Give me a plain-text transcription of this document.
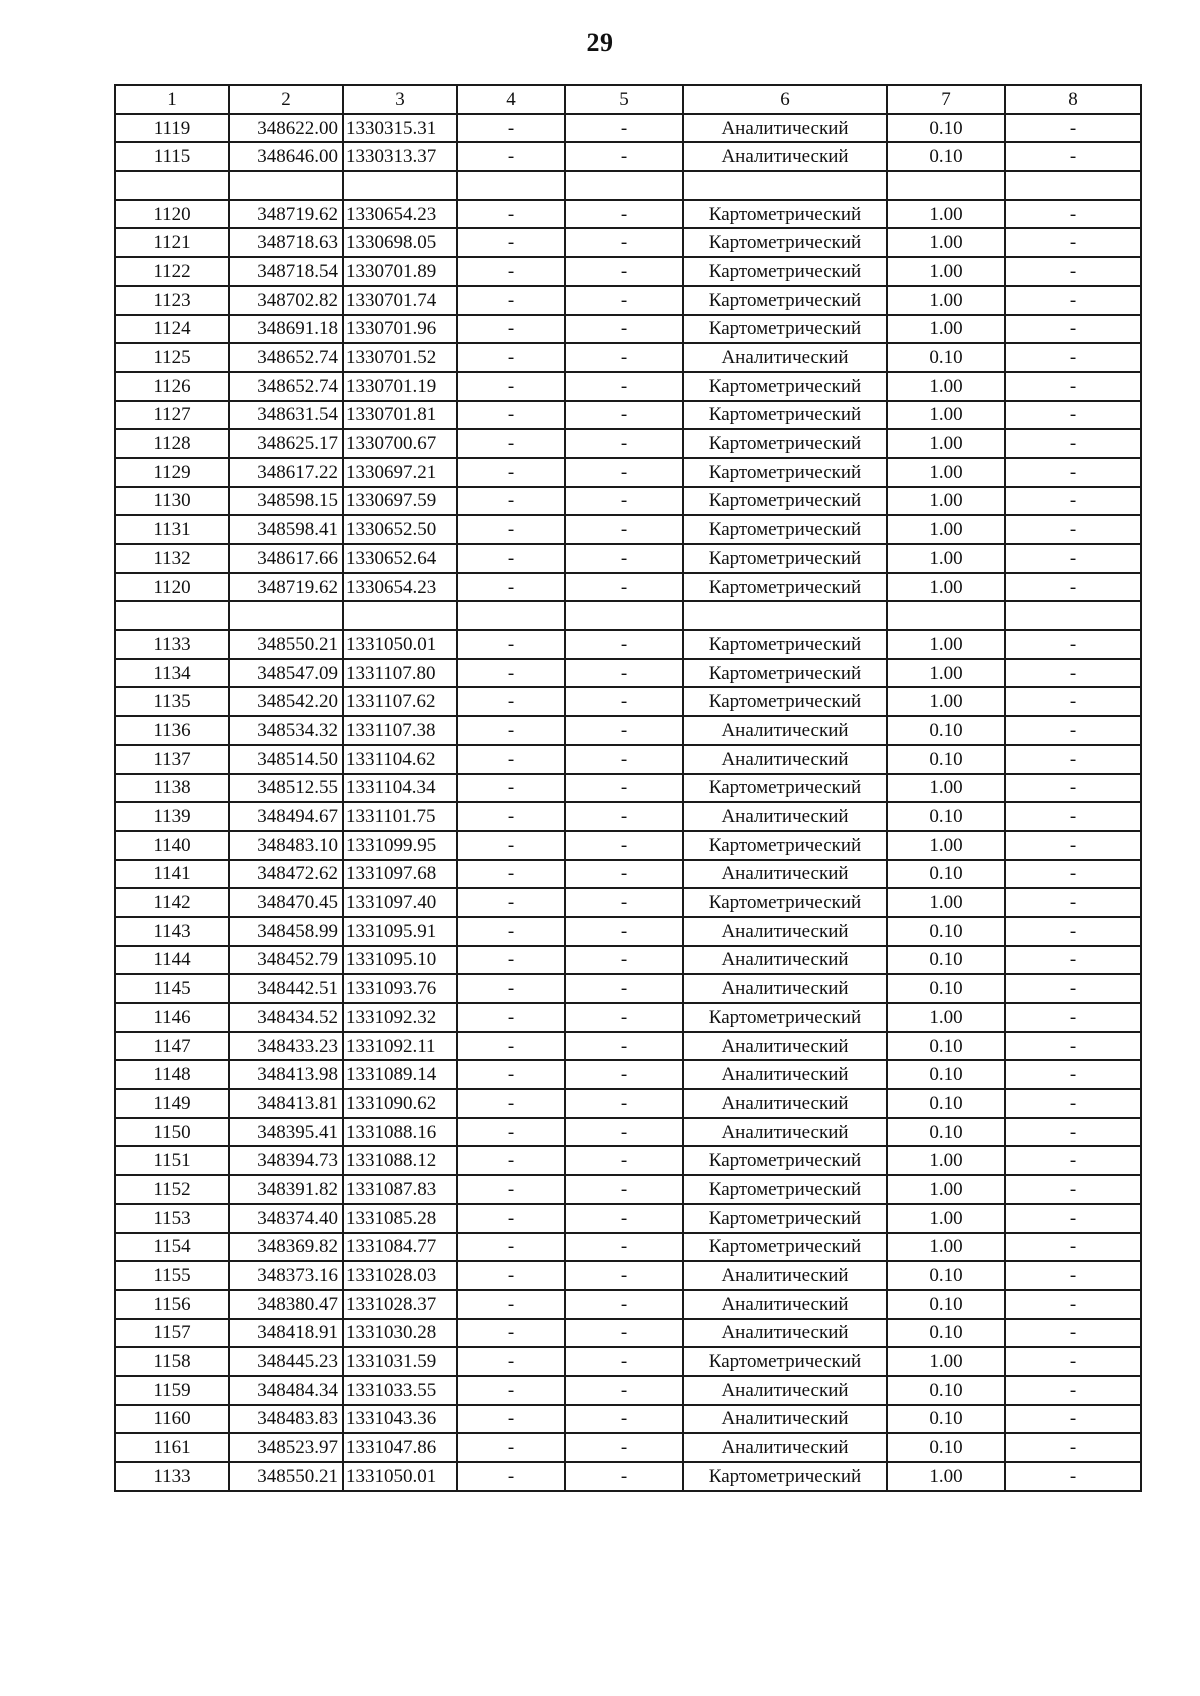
29
1	2	3	4	5	6	7	8
1119	348622.00	1330315.31	-	-	Аналитический	0.10	-
1115	348646.00	1330313.37	-	-	Аналитический	0.10	-

1120	348719.62	1330654.23	-	-	Картометрический	1.00	-
1121	348718.63	1330698.05	-	-	Картометрический	1.00	-
1122	348718.54	1330701.89	-	-	Картометрический	1.00	-
1123	348702.82	1330701.74	-	-	Картометрический	1.00	-
1124	348691.18	1330701.96	-	-	Картометрический	1.00	-
1125	348652.74	1330701.52	-	-	Аналитический	0.10	-
1126	348652.74	1330701.19	-	-	Картометрический	1.00	-
1127	348631.54	1330701.81	-	-	Картометрический	1.00	-
1128	348625.17	1330700.67	-	-	Картометрический	1.00	-
1129	348617.22	1330697.21	-	-	Картометрический	1.00	-
1130	348598.15	1330697.59	-	-	Картометрический	1.00	-
1131	348598.41	1330652.50	-	-	Картометрический	1.00	-
1132	348617.66	1330652.64	-	-	Картометрический	1.00	-
1120	348719.62	1330654.23	-	-	Картометрический	1.00	-

1133	348550.21	1331050.01	-	-	Картометрический	1.00	-
1134	348547.09	1331107.80	-	-	Картометрический	1.00	-
1135	348542.20	1331107.62	-	-	Картометрический	1.00	-
1136	348534.32	1331107.38	-	-	Аналитический	0.10	-
1137	348514.50	1331104.62	-	-	Аналитический	0.10	-
1138	348512.55	1331104.34	-	-	Картометрический	1.00	-
1139	348494.67	1331101.75	-	-	Аналитический	0.10	-
1140	348483.10	1331099.95	-	-	Картометрический	1.00	-
1141	348472.62	1331097.68	-	-	Аналитический	0.10	-
1142	348470.45	1331097.40	-	-	Картометрический	1.00	-
1143	348458.99	1331095.91	-	-	Аналитический	0.10	-
1144	348452.79	1331095.10	-	-	Аналитический	0.10	-
1145	348442.51	1331093.76	-	-	Аналитический	0.10	-
1146	348434.52	1331092.32	-	-	Картометрический	1.00	-
1147	348433.23	1331092.11	-	-	Аналитический	0.10	-
1148	348413.98	1331089.14	-	-	Аналитический	0.10	-
1149	348413.81	1331090.62	-	-	Аналитический	0.10	-
1150	348395.41	1331088.16	-	-	Аналитический	0.10	-
1151	348394.73	1331088.12	-	-	Картометрический	1.00	-
1152	348391.82	1331087.83	-	-	Картометрический	1.00	-
1153	348374.40	1331085.28	-	-	Картометрический	1.00	-
1154	348369.82	1331084.77	-	-	Картометрический	1.00	-
1155	348373.16	1331028.03	-	-	Аналитический	0.10	-
1156	348380.47	1331028.37	-	-	Аналитический	0.10	-
1157	348418.91	1331030.28	-	-	Аналитический	0.10	-
1158	348445.23	1331031.59	-	-	Картометрический	1.00	-
1159	348484.34	1331033.55	-	-	Аналитический	0.10	-
1160	348483.83	1331043.36	-	-	Аналитический	0.10	-
1161	348523.97	1331047.86	-	-	Аналитический	0.10	-
1133	348550.21	1331050.01	-	-	Картометрический	1.00	-
